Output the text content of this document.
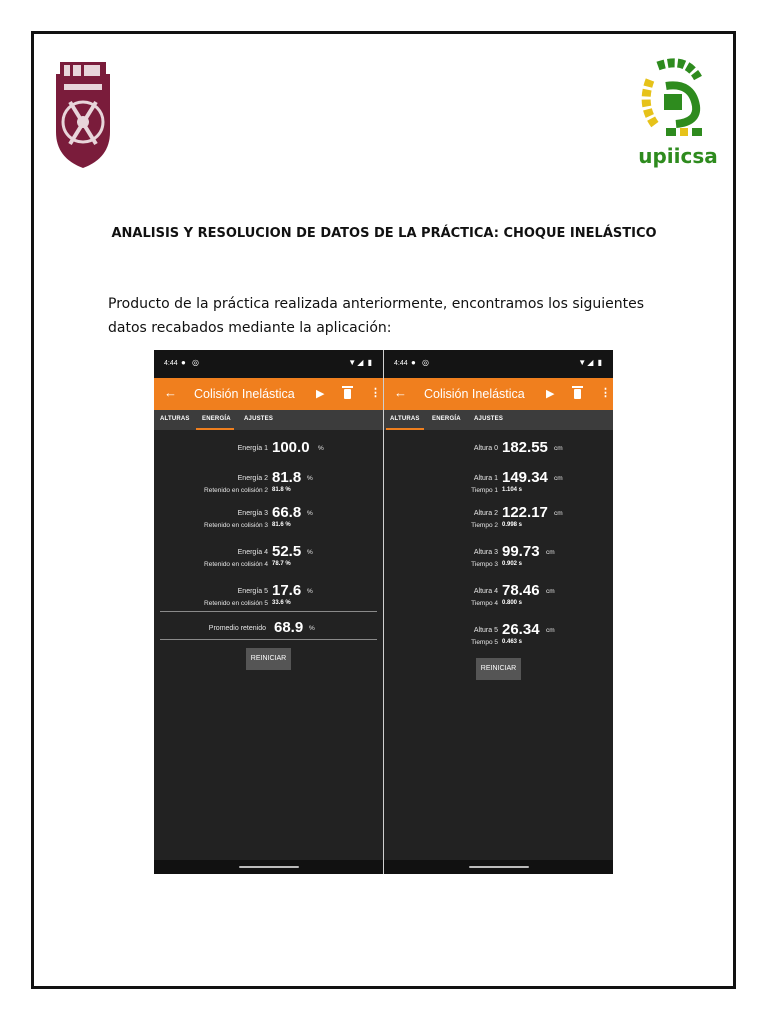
upiicsa
ANALISIS Y RESOLUCION DE DATOS DE LA PRÁCTICA: CHOQUE INELÁSTICO

Producto de la práctica realizada anteriormente, encontramos los siguientes datos recabados mediante la aplicación:

4:44 ● ◎	▼◢ ▮
← Colisión Inelástica ▶	⋮
ALTURAS ENERGÍA AJUSTES
Energía 1 100.0 %
Energía 2 81.8 %
Retenido en colisión 2 81.8 %
Energía 3 66.8 %
Retenido en colisión 3 81.6 %
Energía 4 52.5 %
Retenido en colisión 4 78.7 %
Energía 5 17.6 %
Retenido en colisión 5 33.6 %
Promedio retenido 68.9 %
REINICIAR
4:44 ● ◎	▼◢ ▮
← Colisión Inelástica ▶	⋮
ALTURAS ENERGÍA AJUSTES
Altura 0 182.55 cm
Altura 1 149.34 cm
Tiempo 1 1.104 s
Altura 2 122.17 cm
Tiempo 2 0.998 s
Altura 3 99.73 cm
Tiempo 3 0.902 s
Altura 4 78.46 cm
Tiempo 4 0.800 s
Altura 5 26.34 cm
Tiempo 5 0.463 s
REINICIAR
